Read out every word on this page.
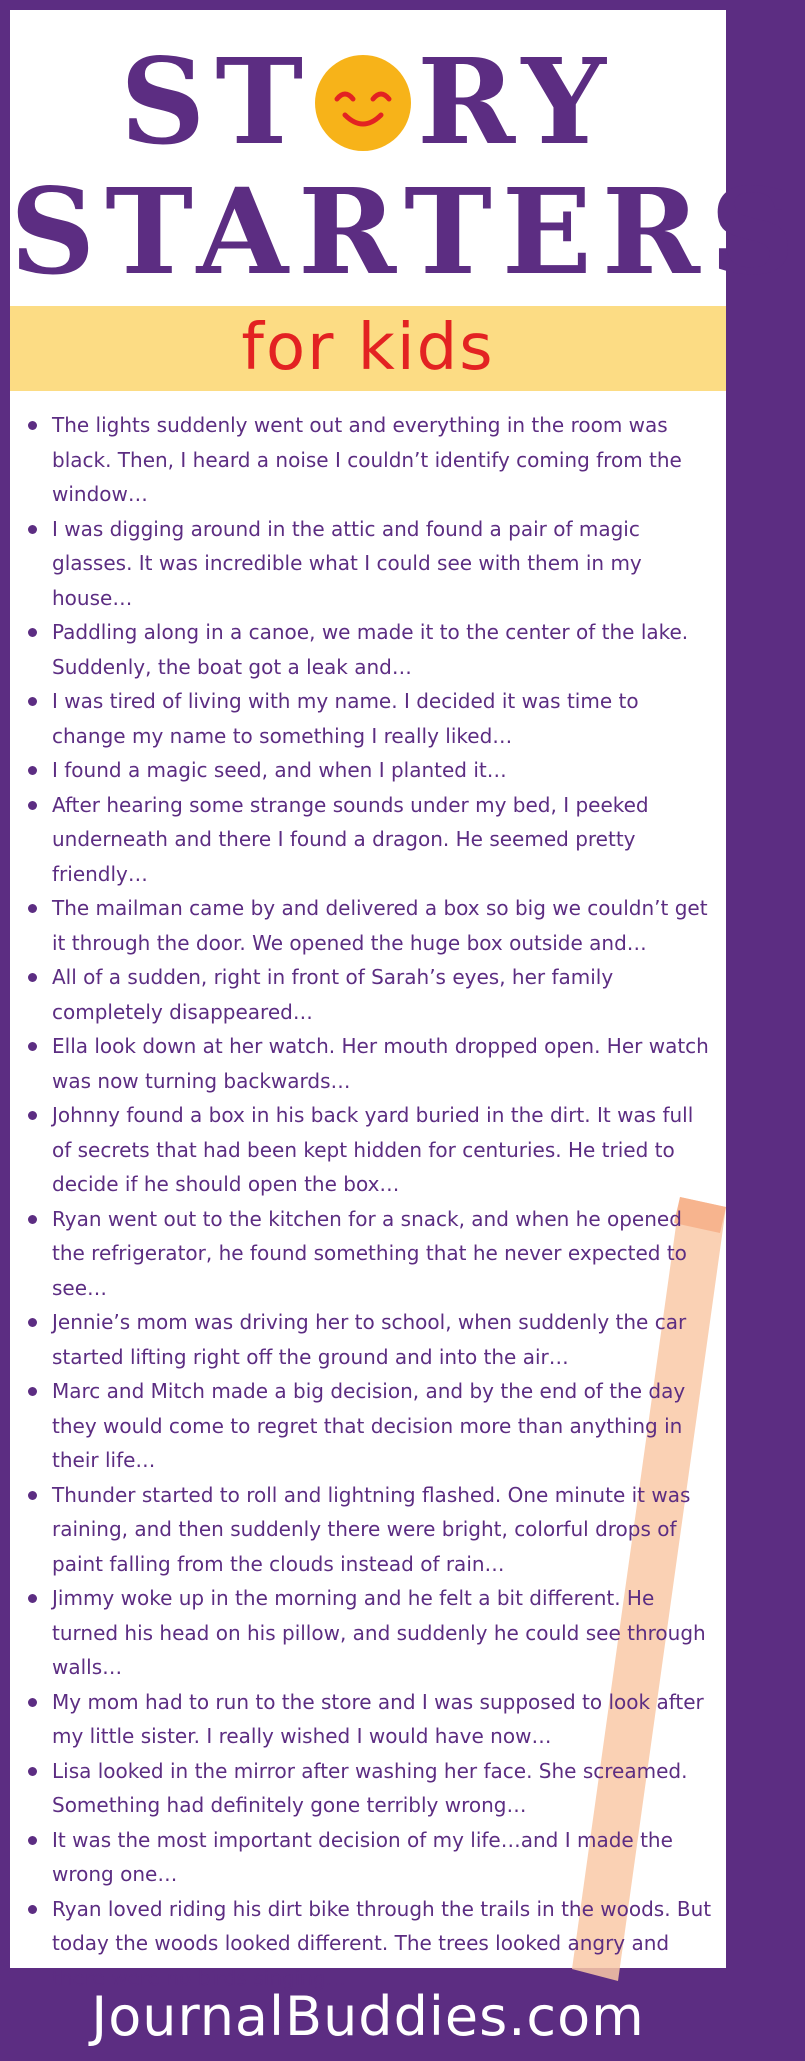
ST RY
STARTERS
for kids
The lights suddenly went out and everything in the room was black. Then, I heard a noise I couldn’t identify coming from the window…
I was digging around in the attic and found a pair of magic glasses. It was incredible what I could see with them in my house…
Paddling along in a canoe, we made it to the center of the lake. Suddenly, the boat got a leak and…
I was tired of living with my name. I decided it was time to change my name to something I really liked…
I found a magic seed, and when I planted it…
After hearing some strange sounds under my bed, I peeked underneath and there I found a dragon. He seemed pretty friendly…
The mailman came by and delivered a box so big we couldn’t get it through the door. We opened the huge box outside and…
All of a sudden, right in front of Sarah’s eyes, her family completely disappeared…
Ella look down at her watch. Her mouth dropped open. Her watch was now turning backwards…
Johnny found a box in his back yard buried in the dirt. It was full of secrets that had been kept hidden for centuries. He tried to decide if he should open the box…
Ryan went out to the kitchen for a snack, and when he opened the refrigerator, he found something that he never expected to see…
Jennie’s mom was driving her to school, when suddenly the car started lifting right off the ground and into the air…
Marc and Mitch made a big decision, and by the end of the day they would come to regret that decision more than anything in their life…
Thunder started to roll and lightning flashed. One minute it was raining, and then suddenly there were bright, colorful drops of paint falling from the clouds instead of rain…
Jimmy woke up in the morning and he felt a bit different. He turned his head on his pillow, and suddenly he could see through walls…
My mom had to run to the store and I was supposed to look after my little sister. I really wished I would have now…
Lisa looked in the mirror after washing her face. She screamed. Something had definitely gone terribly wrong…
It was the most important decision of my life…and I made the wrong one…
Ryan loved riding his dirt bike through the trails in the woods. But today the woods looked different. The trees looked angry and there were no birds singing…
JournalBuddies.com
